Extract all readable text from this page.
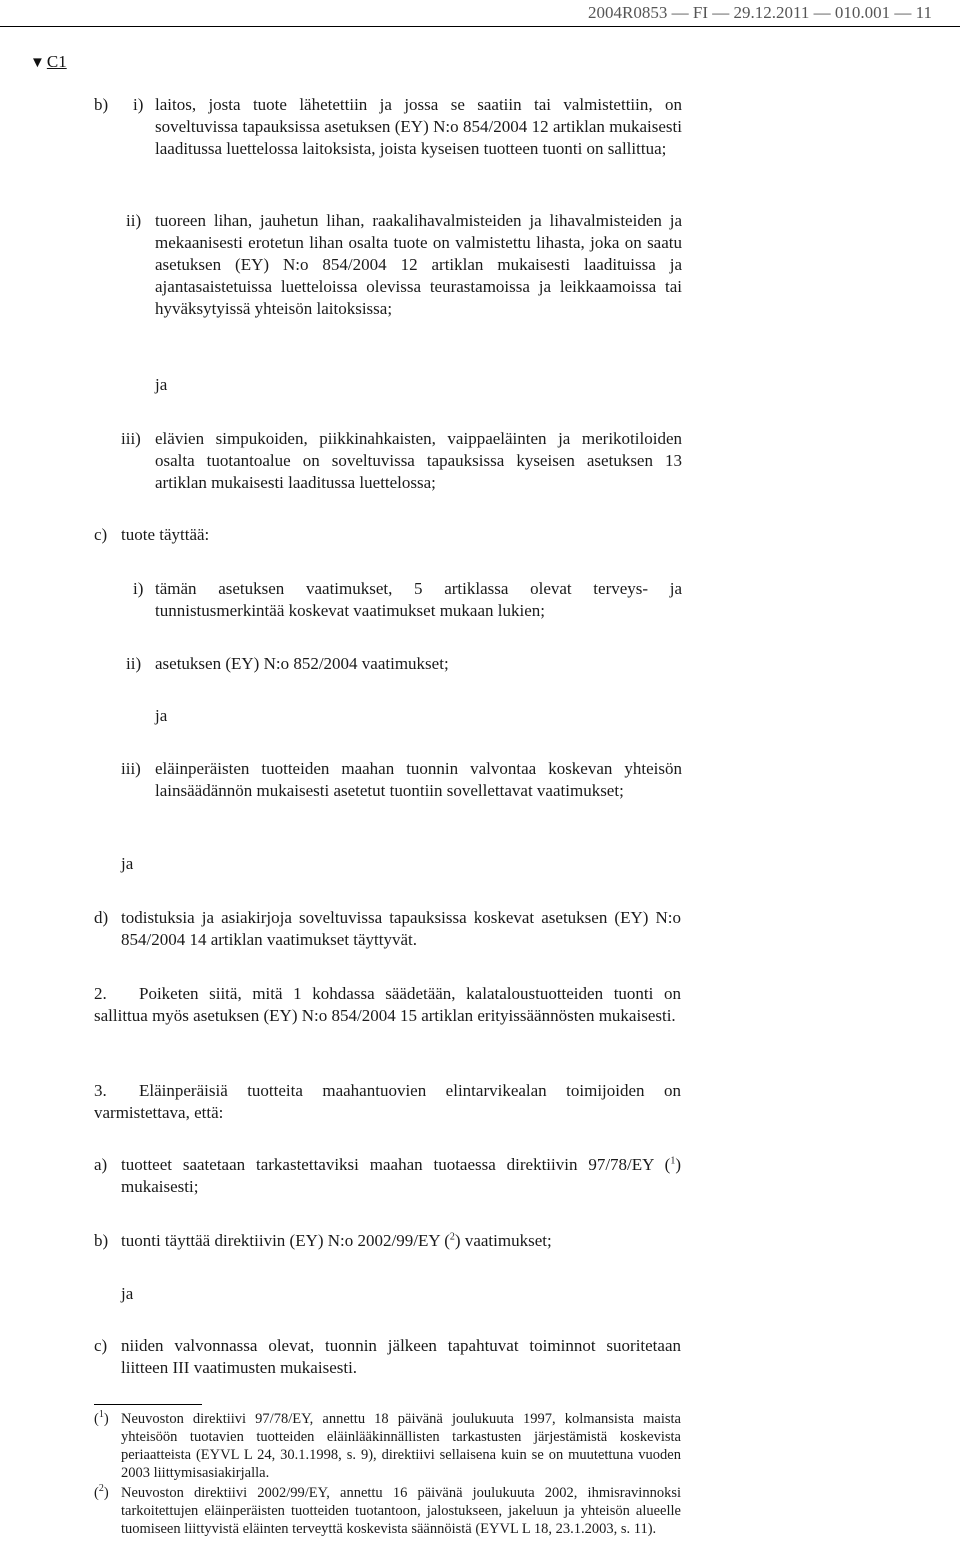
2004R0853 — FI — 29.12.2011 — 010.001 — 11
▼ C1
b) i) laitos, josta tuote lähetettiin ja jossa se saatiin tai valmistettiin, on soveltuvissa tapauksissa asetuksen (EY) N:o 854/2004 12 artiklan mukaisesti laaditussa luettelossa laitoksista, joista kyseisen tuotteen tuonti on sallittua;
ii) tuoreen lihan, jauhetun lihan, raakalihavalmisteiden ja lihavalmisteiden ja mekaanisesti erotetun lihan osalta tuote on valmistettu lihasta, joka on saatu asetuksen (EY) N:o 854/2004 12 artiklan mukaisesti laadituissa ja ajantasaistetuissa luetteloissa olevissa teurastamoissa ja leikkaamoissa tai hyväksytyissä yhteisön laitoksissa;
ja
iii) elävien simpukoiden, piikkinahkaisten, vaippaeläinten ja merikotiloiden osalta tuotantoalue on soveltuvissa tapauksissa kyseisen asetuksen 13 artiklan mukaisesti laaditussa luettelossa;
c) tuote täyttää:
i) tämän asetuksen vaatimukset, 5 artiklassa olevat terveys- ja tunnistusmerkintää koskevat vaatimukset mukaan lukien;
ii) asetuksen (EY) N:o 852/2004 vaatimukset;
ja
iii) eläinperäisten tuotteiden maahan tuonnin valvontaa koskevan yhteisön lainsäädännön mukaisesti asetetut tuontiin sovellettavat vaatimukset;
ja
d) todistuksia ja asiakirjoja soveltuvissa tapauksissa koskevat asetuksen (EY) N:o 854/2004 14 artiklan vaatimukset täyttyvät.
2. Poiketen siitä, mitä 1 kohdassa säädetään, kalataloustuotteiden tuonti on sallittua myös asetuksen (EY) N:o 854/2004 15 artiklan erityissäännösten mukaisesti.
3. Eläinperäisiä tuotteita maahantuovien elintarvikealan toimijoiden on varmistettava, että:
a) tuotteet saatetaan tarkastettaviksi maahan tuotaessa direktiivin 97/78/EY ($^1$) mukaisesti;
b) tuonti täyttää direktiivin (EY) N:o 2002/99/EY ($^2$) vaatimukset;
ja
c) niiden valvonnassa olevat, tuonnin jälkeen tapahtuvat toiminnot suoritetaan liitteen III vaatimusten mukaisesti.
($^1$) Neuvoston direktiivi 97/78/EY, annettu 18 päivänä joulukuuta 1997, kolmansista maista yhteisöön tuotavien tuotteiden eläinlääkinnällisten tarkastusten järjestämistä koskevista periaatteista (EYVL L 24, 30.1.1998, s. 9), direktiivi sellaisena kuin se on muutettuna vuoden 2003 liittymisasiakirjalla.
($^2$) Neuvoston direktiivi 2002/99/EY, annettu 16 päivänä joulukuuta 2002, ihmisravinnoksi tarkoitettujen eläinperäisten tuotteiden tuotantoon, jalostukseen, jakeluun ja yhteisön alueelle tuomiseen liittyvistä eläinten terveyttä koskevista säännöistä (EYVL L 18, 23.1.2003, s. 11).
